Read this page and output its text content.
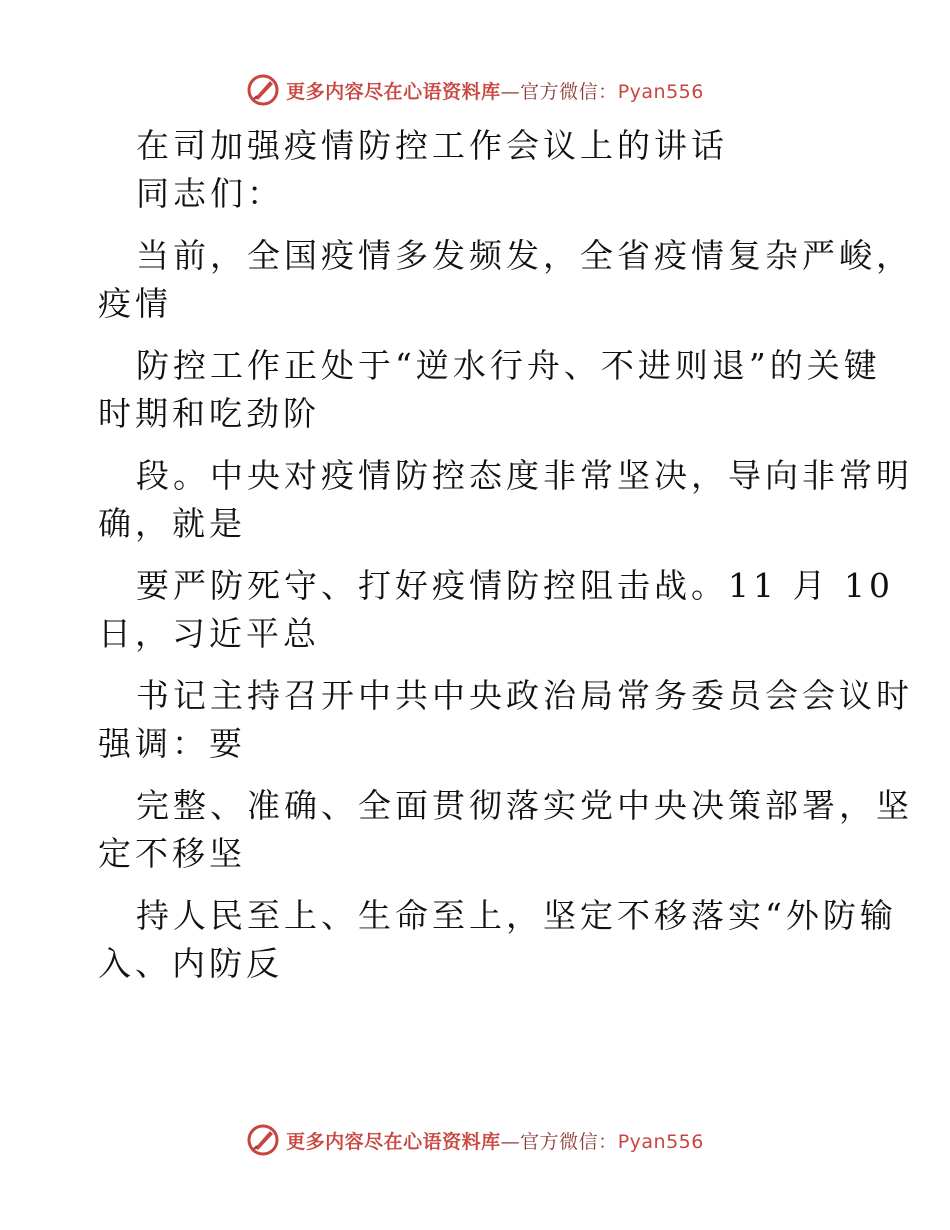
更多内容尽在心语资料库—官方微信：Pyan556

在司加强疫情防控工作会议上的讲话

同志们：

当前，全国疫情多发频发，全省疫情复杂严峻，

疫情

防控工作正处于“逆水行舟、不进则退”的关键

时期和吃劲阶

段。中央对疫情防控态度非常坚决，导向非常明

确，就是

要严防死守、打好疫情防控阻击战。11 月 10

日，习近平总

书记主持召开中共中央政治局常务委员会会议时

强调：要

完整、准确、全面贯彻落实党中央决策部署，坚

定不移坚

持人民至上、生命至上，坚定不移落实“外防输

入、内防反

更多内容尽在心语资料库—官方微信：Pyan556
